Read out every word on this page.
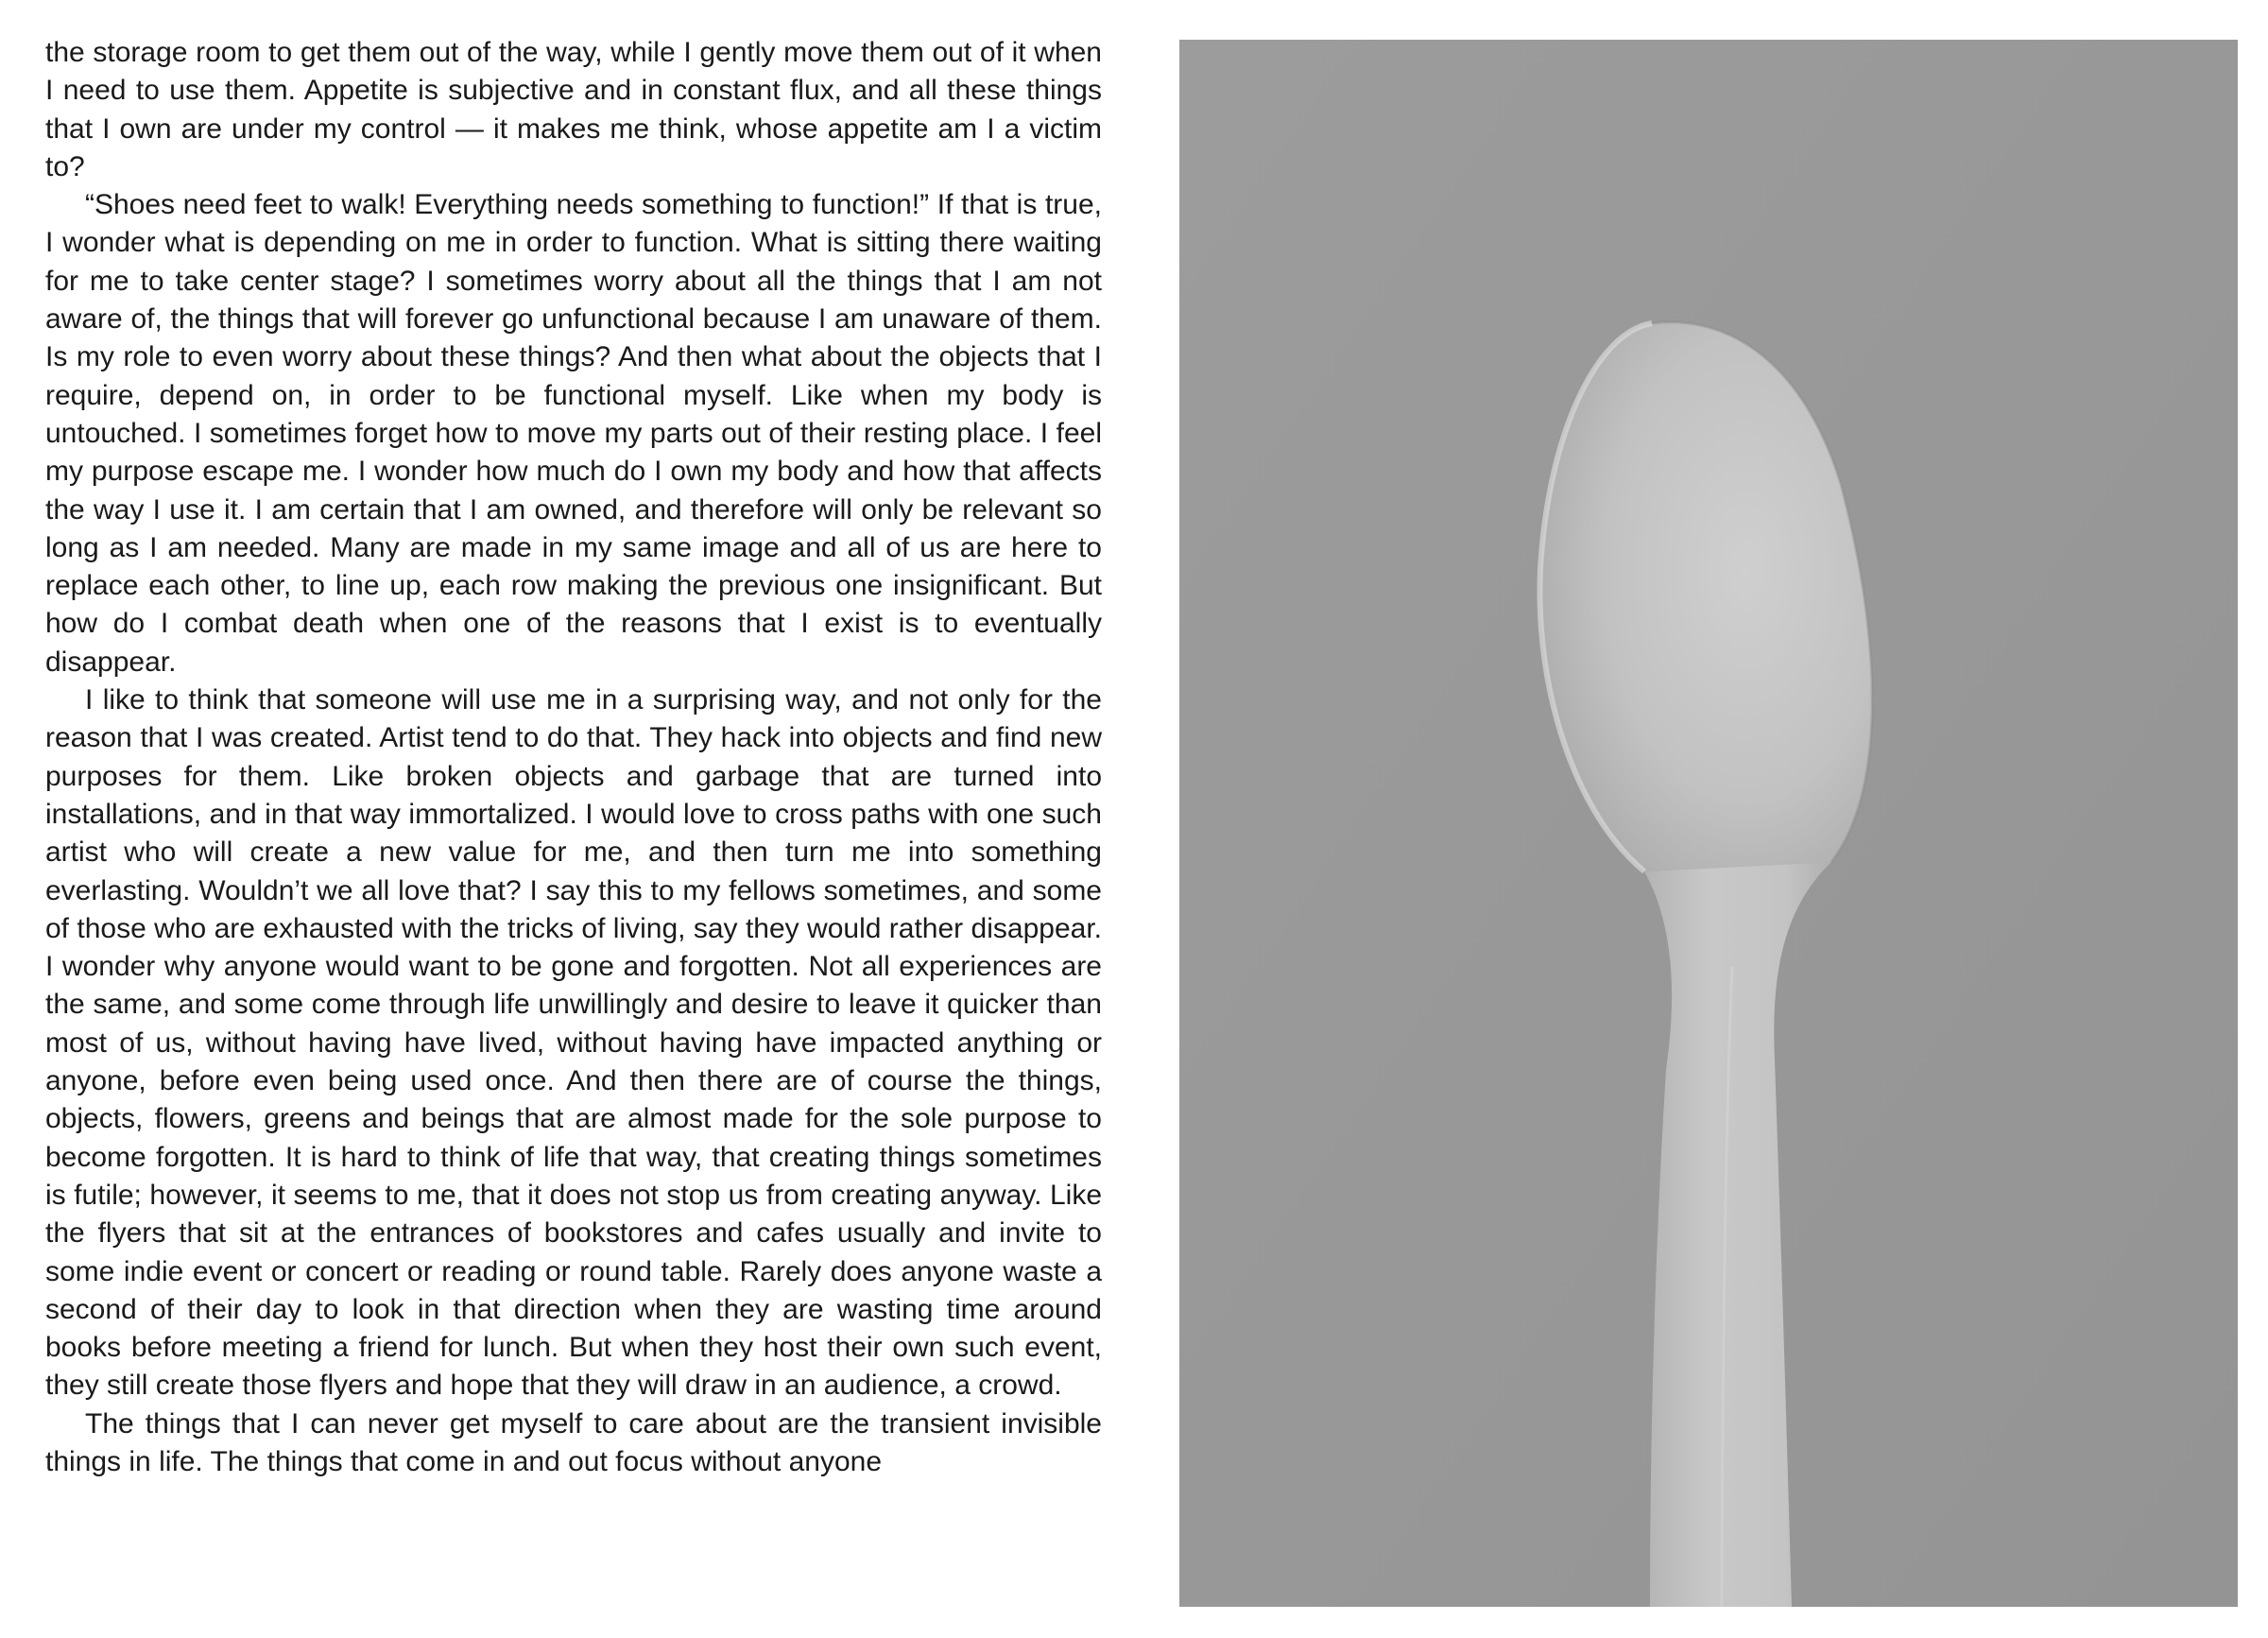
the storage room to get them out of the way, while I gently move them out of it when I need to use them. Appetite is subjective and in constant flux, and all these things that I own are under my control — it makes me think, whose appetite am I a victim to?

“Shoes need feet to walk! Everything needs something to function!” If that is true, I wonder what is depending on me in order to function. What is sitting there waiting for me to take center stage? I sometimes worry about all the things that I am not aware of, the things that will forever go unfunctional because I am unaware of them. Is my role to even worry about these things? And then what about the objects that I require, depend on, in order to be functional myself. Like when my body is untouched. I sometimes forget how to move my parts out of their resting place. I feel my purpose escape me. I wonder how much do I own my body and how that affects the way I use it. I am certain that I am owned, and therefore will only be relevant so long as I am needed. Many are made in my same image and all of us are here to replace each other, to line up, each row making the previous one insignificant. But how do I combat death when one of the reasons that I exist is to eventually disappear.

I like to think that someone will use me in a surprising way, and not only for the reason that I was created. Artist tend to do that. They hack into objects and find new purposes for them. Like broken objects and garbage that are turned into installations, and in that way immortalized. I would love to cross paths with one such artist who will create a new value for me, and then turn me into something everlasting. Wouldn’t we all love that? I say this to my fellows sometimes, and some of those who are exhausted with the tricks of living, say they would rather disappear. I wonder why anyone would want to be gone and forgotten. Not all experiences are the same, and some come through life unwillingly and desire to leave it quicker than most of us, without having have lived, without having have impacted anything or anyone, before even being used once. And then there are of course the things, objects, flowers, greens and beings that are almost made for the sole purpose to become forgotten. It is hard to think of life that way, that creating things sometimes is futile; however, it seems to me, that it does not stop us from creating anyway. Like the flyers that sit at the entrances of bookstores and cafes usually and invite to some indie event or concert or reading or round table. Rarely does anyone waste a second of their day to look in that direction when they are wasting time around books before meeting a friend for lunch. But when they host their own such event, they still create those flyers and hope that they will draw in an audience, a crowd.

The things that I can never get myself to care about are the transient invisible things in life. The things that come in and out focus without anyone
